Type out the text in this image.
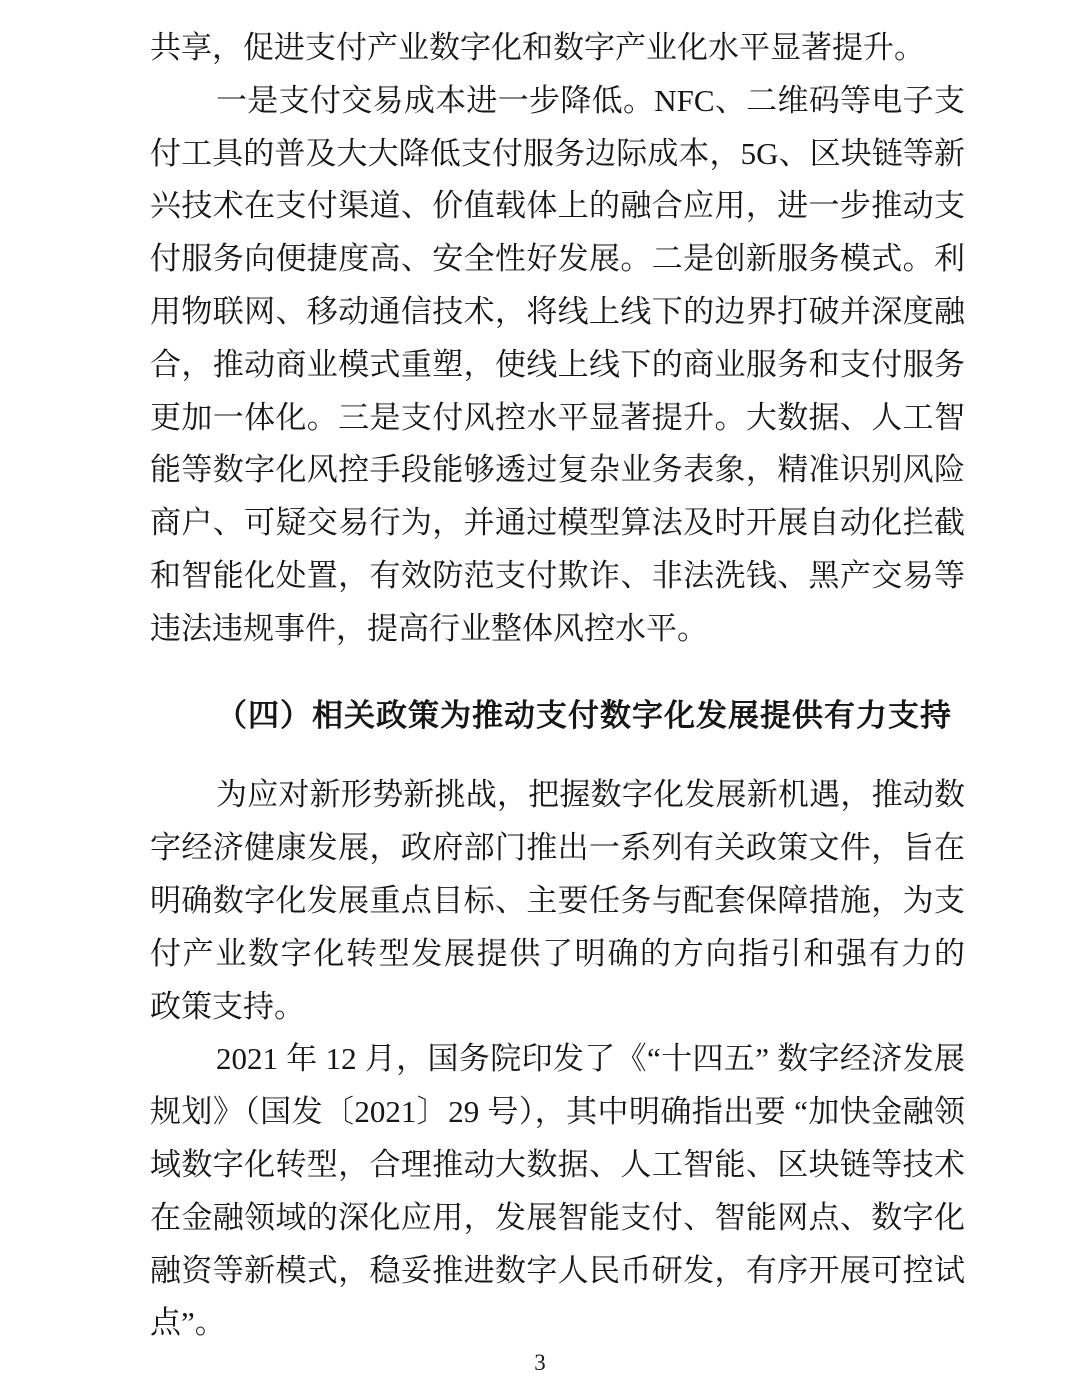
共享，促进支付产业数字化和数字产业化水平显著提升。
一是支付交易成本进一步降低。NFC、二维码等电子支
付工具的普及大大降低支付服务边际成本，5G、区块链等新
兴技术在支付渠道、价值载体上的融合应用，进一步推动支
付服务向便捷度高、安全性好发展。二是创新服务模式。利
用物联网、移动通信技术，将线上线下的边界打破并深度融
合，推动商业模式重塑，使线上线下的商业服务和支付服务
更加一体化。三是支付风控水平显著提升。大数据、人工智
能等数字化风控手段能够透过复杂业务表象，精准识别风险
商户、可疑交易行为，并通过模型算法及时开展自动化拦截
和智能化处置，有效防范支付欺诈、非法洗钱、黑产交易等
违法违规事件，提高行业整体风控水平。
（四）相关政策为推动支付数字化发展提供有力支持
为应对新形势新挑战，把握数字化发展新机遇，推动数
字经济健康发展，政府部门推出一系列有关政策文件，旨在
明确数字化发展重点目标、主要任务与配套保障措施，为支
付产业数字化转型发展提供了明确的方向指引和强有力的
政策支持。
2021 年 12 月，国务院印发了《“十四五” 数字经济发展
规划》（国发〔2021〕29 号），其中明确指出要 “加快金融领
域数字化转型，合理推动大数据、人工智能、区块链等技术
在金融领域的深化应用，发展智能支付、智能网点、数字化
融资等新模式，稳妥推进数字人民币研发，有序开展可控试
点”。
3
